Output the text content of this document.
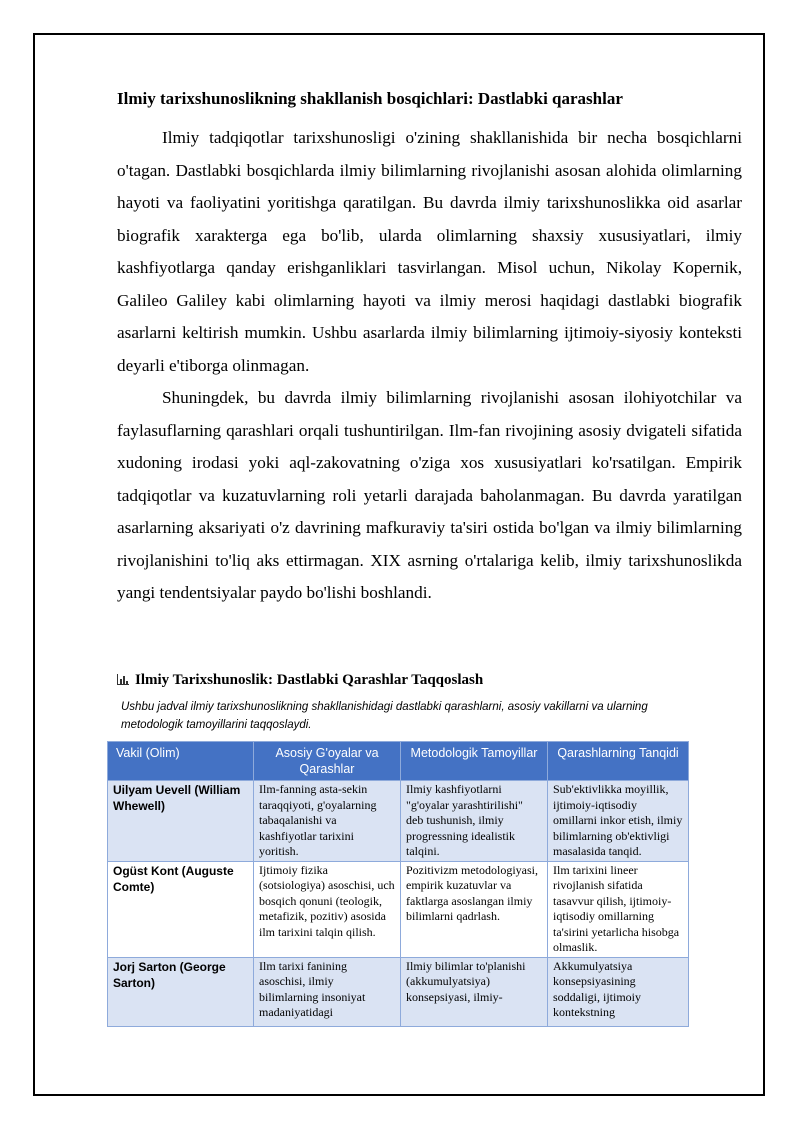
Ilmiy tarixshunoslikning shakllanish bosqichlari: Dastlabki qarashlar

Ilmiy tadqiqotlar tarixshunosligi o'zining shakllanishida bir necha bosqichlarni o'tagan. Dastlabki bosqichlarda ilmiy bilimlarning rivojlanishi asosan alohida olimlarning hayoti va faoliyatini yoritishga qaratilgan. Bu davrda ilmiy tarixshunoslikka oid asarlar biografik xarakterga ega bo'lib, ularda olimlarning shaxsiy xususiyatlari, ilmiy kashfiyotlarga qanday erishganliklari tasvirlangan. Misol uchun, Nikolay Kopernik, Galileo Galiley kabi olimlarning hayoti va ilmiy merosi haqidagi dastlabki biografik asarlarni keltirish mumkin. Ushbu asarlarda ilmiy bilimlarning ijtimoiy-siyosiy konteksti deyarli e'tiborga olinmagan.

Shuningdek, bu davrda ilmiy bilimlarning rivojlanishi asosan ilohiyotchilar va faylasuflarning qarashlari orqali tushuntirilgan. Ilm-fan rivojining asosiy dvigateli sifatida xudoning irodasi yoki aql-zakovatning o'ziga xos xususiyatlari ko'rsatilgan. Empirik tadqiqotlar va kuzatuvlarning roli yetarli darajada baholanmagan. Bu davrda yaratilgan asarlarning aksariyati o'z davrining mafkuraviy ta'siri ostida bo'lgan va ilmiy bilimlarning rivojlanishini to'liq aks ettirmagan. XIX asrning o'rtalariga kelib, ilmiy tarixshunoslikda yangi tendentsiyalar paydo bo'lishi boshlandi.

Ilmiy Tarixshunoslik: Dastlabki Qarashlar Taqqoslash
Ushbu jadval ilmiy tarixshunoslikning shakllanishidagi dastlabki qarashlarni, asosiy vakillarni va ularning metodologik tamoyillarini taqqoslaydi.
Vakil (Olim)	Asosiy G'oyalar va Qarashlar	Metodologik Tamoyillar	Qarashlarning Tanqidi
Uilyam Uevell (William Whewell)	Ilm-fanning asta-sekin taraqqiyoti, g'oyalarning tabaqalanishi va kashfiyotlar tarixini yoritish.	Ilmiy kashfiyotlarni "g'oyalar yarashtirilishi" deb tushunish, ilmiy progressning idealistik talqini.	Sub'ektivlikka moyillik, ijtimoiy-iqtisodiy omillarni inkor etish, ilmiy bilimlarning ob'ektivligi masalasida tanqid.
Ogüst Kont (Auguste Comte)	Ijtimoiy fizika (sotsiologiya) asoschisi, uch bosqich qonuni (teologik, metafizik, pozitiv) asosida ilm tarixini talqin qilish.	Pozitivizm metodologiyasi, empirik kuzatuvlar va faktlarga asoslangan ilmiy bilimlarni qadrlash.	Ilm tarixini lineer rivojlanish sifatida tasavvur qilish, ijtimoiy-iqtisodiy omillarning ta'sirini yetarlicha hisobga olmaslik.

Jorj Sarton (George Sarton)	Ilm tarixi fanining asoschisi, ilmiy bilimlarning insoniyat madaniyatidagi	Ilmiy bilimlar to'planishi (akkumulyatsiya) konsepsiyasi, ilmiy-	Akkumulyatsiya konsepsiyasining soddaligi, ijtimoiy kontekstning
